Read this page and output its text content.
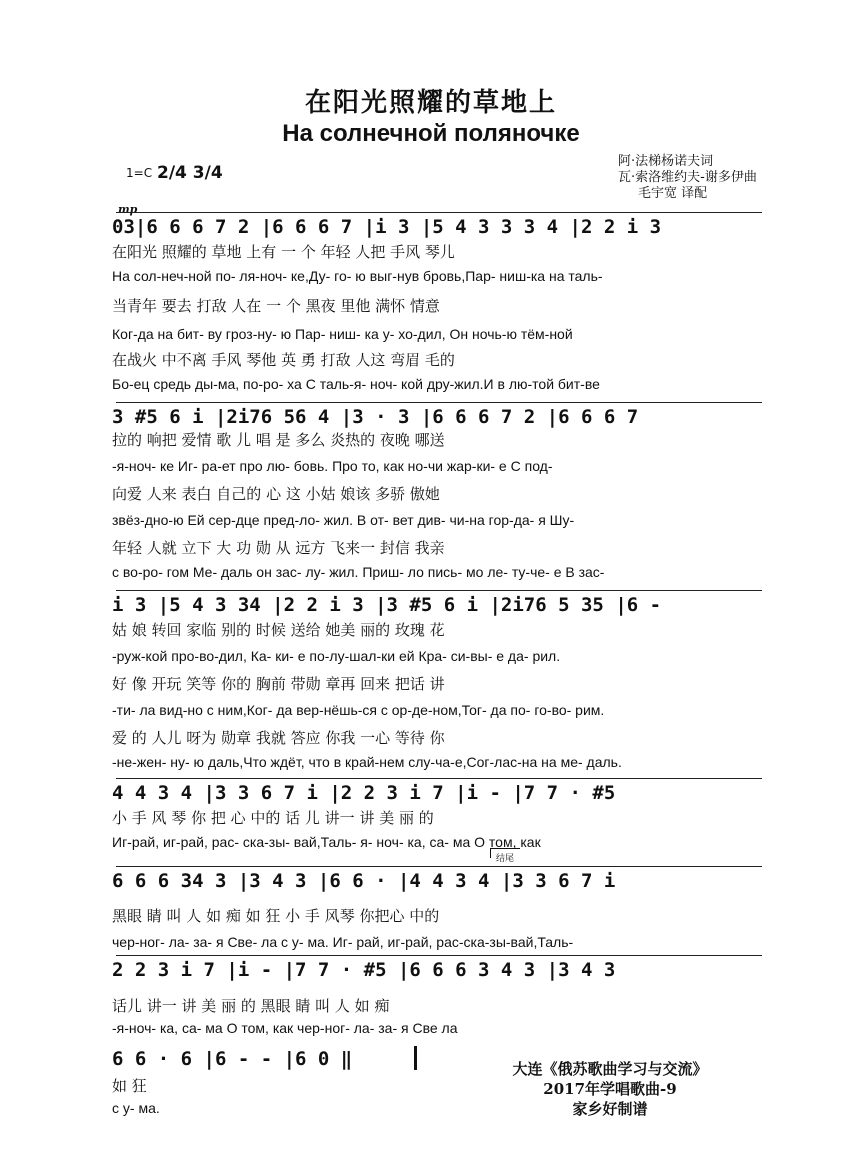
在阳光照耀的草地上
На солнечной поляночке
1=C 2/4 3/4
阿·法梯杨诺夫词
瓦·索洛维约夫-谢多伊曲
毛宇宽 译配
mp
03|6 6 6 7 2 |6 6 6 7 |i 3 |5 4 3 3 3 4 |2 2 i 3
在阳光 照耀的 草地 上有 一 个 年轻 人把 手风 琴儿
На сол-неч-ной по- ля-ноч- ке,Ду- го- ю выг-нув бровь,Пар- ниш-ка на таль-
当青年 要去 打敌 人在 一 个 黑夜 里他 满怀 情意
Ког-да на бит- ву гроз-ну- ю Пар- ниш- ка у- хо-дил, Он ночь-ю тём-ной
在战火 中不离 手风 琴他 英 勇 打敌 人这 弯眉 毛的
Бо-ец средь ды-ма, по-ро- ха С таль-я- ноч- кой дру-жил.И в лю-той бит-ве
3 #5 6 i |2i76 56 4 |3 · 3 |6 6 6 7 2 |6 6 6 7
拉的 响把 爱情 歌 儿 唱 是 多么 炎热的 夜晚 哪送
-я-ноч- ке Иг- ра-ет про лю- бовь. Про то, как но-чи жар-ки- е С под-
向爱 人来 表白 自己的 心 这 小姑 娘该 多骄 傲她
звёз-дно-ю Ей сер-дце пред-ло- жил. В от- вет див- чи-на гор-да- я Шу-
年轻 人就 立下 大 功 勋 从 远方 飞来一 封信 我亲
с во-ро- гом Ме- даль он зас- лу- жил. Приш- ло пись- мо ле- ту-че- е В зас-
i 3 |5 4 3 34 |2 2 i 3 |3 #5 6 i |2i76 5 35 |6 -
姑 娘 转回 家临 别的 时候 送给 她美 丽的 玫瑰 花
-руж-кой про-во-дил, Ка- ки- е по-лу-шал-ки ей Кра- си-вы- е да- рил.
好 像 开玩 笑等 你的 胸前 带勋 章再 回来 把话 讲
-ти- ла вид-но с ним,Ког- да вер-нёшь-ся с ор-де-ном,Тог- да по- го-во- рим.
爱 的 人儿 呀为 勋章 我就 答应 你我 一心 等待 你
-не-жен- ну- ю даль,Что ждёт, что в край-нем слу-ча-е,Сог-лас-на на ме- даль.
4 4 3 4 |3 3 6 7 i |2 2 3 i 7 |i - |7 7 · #5
小 手 风 琴 你 把 心 中的 话 儿 讲一 讲 美 丽 的
Иг-рай, иг-рай, рас- ска-зы- вай,Таль- я- ноч- ка, са- ма О том, как
结尾
6 6 6 34 3 |3 4 3 |6 6 · |4 4 3 4 |3 3 6 7 i
黑眼 睛 叫 人 如 痴 如 狂 小 手 风琴 你把心 中的
чер-ног- ла- за- я Све- ла с у- ма. Иг- рай, иг-рай, рас-ска-зы-вай,Таль-
2 2 3 i 7 |i - |7 7 · #5 |6 6 6 3 4 3 |3 4 3
话儿 讲一 讲 美 丽 的 黑眼 睛 叫 人 如 痴
-я-ноч- ка, са- ма О том, как чер-ног- ла- за- я Све ла
6 6 · 6 |6 - - |6 0 ‖
如 狂
с у- ма.
大连《俄苏歌曲学习与交流》
2017年学唱歌曲-9
家乡好制谱
